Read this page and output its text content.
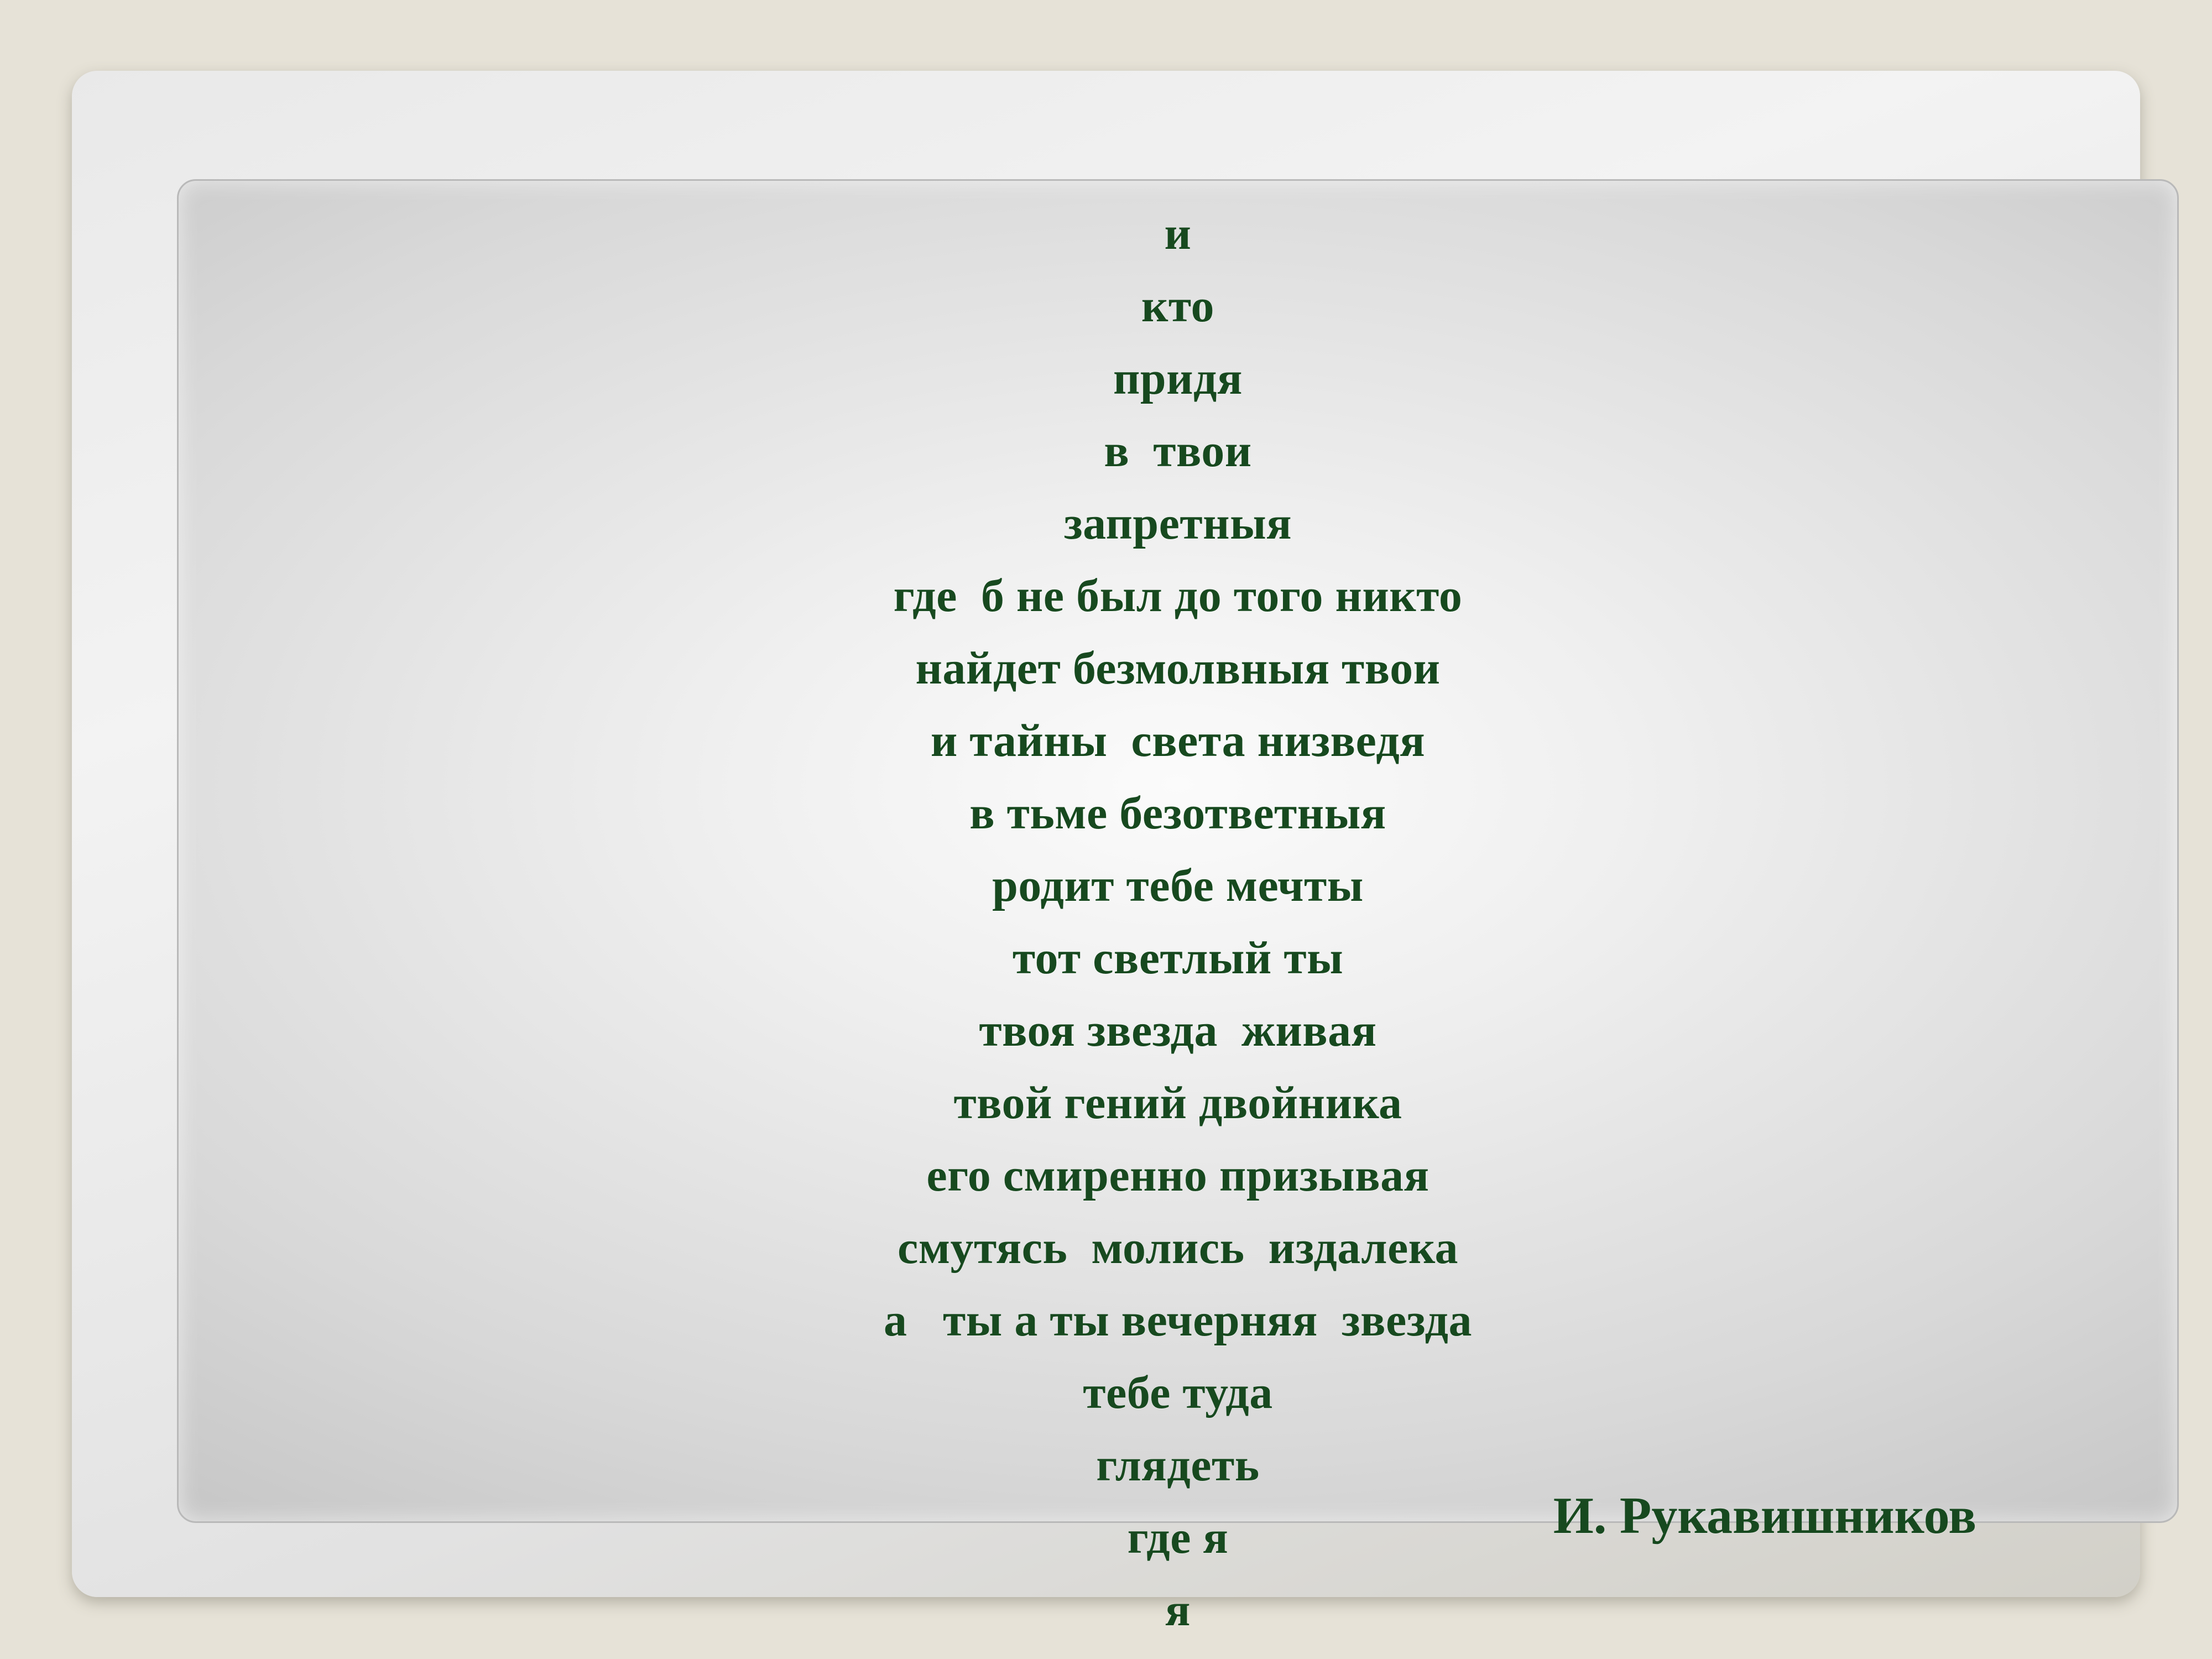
и
кто
придя
в  твои
запретныя
где  б не был до того никто
найдет безмолвныя твои
и тайны  света низведя
в тьме безответныя
родит тебе мечты
тот светлый ты
твоя звезда  живая
твой гений двойника
его смиренно призывая
смутясь  молись  издалека
а   ты а ты вечерняя  звезда
тебе туда
глядеть
где я
я
И. Рукавишников
